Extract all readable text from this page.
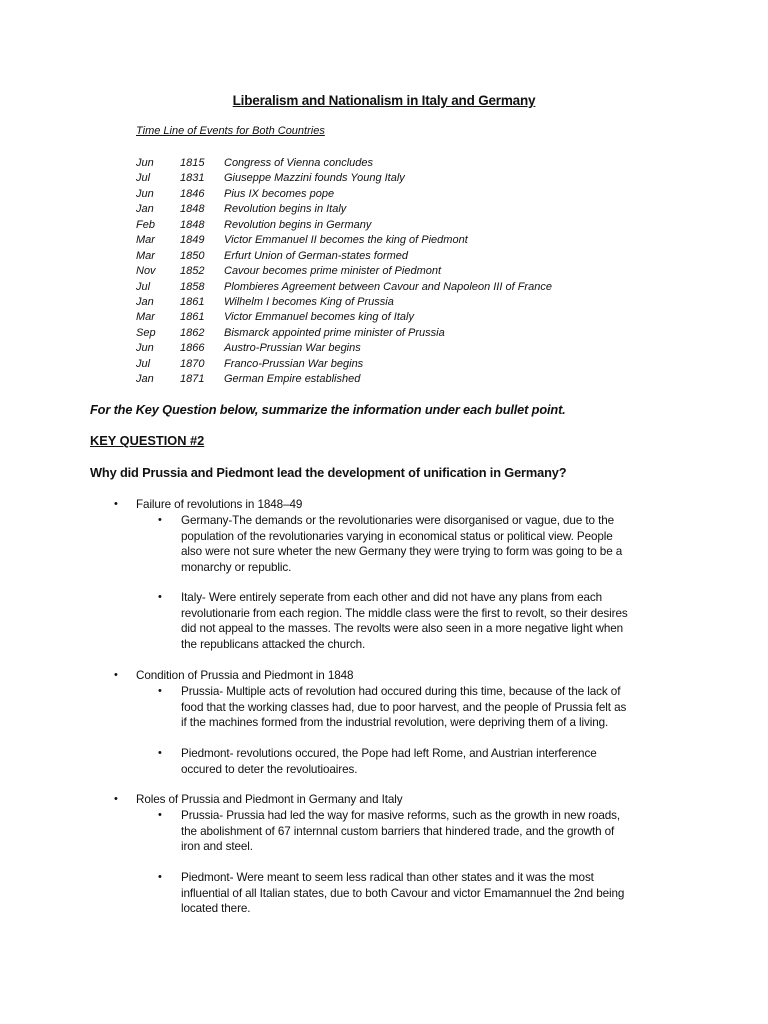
Liberalism and Nationalism in Italy and Germany
Time Line of Events for Both Countries
Jun	1815	Congress of Vienna concludes
Jul	1831	Giuseppe Mazzini founds Young Italy
Jun	1846	Pius IX becomes pope
Jan	1848	Revolution begins in Italy
Feb	1848	Revolution begins in Germany
Mar	1849	Victor Emmanuel II becomes the king of Piedmont
Mar	1850	Erfurt Union of German-states formed
Nov	1852	Cavour becomes prime minister of Piedmont
Jul	1858	Plombieres Agreement between Cavour and Napoleon III of France
Jan	1861	Wilhelm I becomes King of Prussia
Mar	1861	Victor Emmanuel becomes king of Italy
Sep	1862	Bismarck appointed prime minister of Prussia
Jun	1866	Austro-Prussian War begins
Jul	1870	Franco-Prussian War begins
Jan	1871	German Empire established
For the Key Question below, summarize the information under each bullet point.
KEY QUESTION #2
Why did Prussia and Piedmont lead the development of unification in Germany?
• Failure of revolutions in 1848–49
• Germany-The demands or the revolutionaries were disorganised or vague, due to the
population of the revolutionaries varying in economical status or political view. People
also were not sure wheter the new Germany they were trying to form was going to be a
monarchy or republic.
• Italy- Were entirely seperate from each other and did not have any plans from each
revolutionarie from each region. The middle class were the first to revolt, so their desires
did not appeal to the masses. The revolts were also seen in a more negative light when
the republicans attacked the church.
• Condition of Prussia and Piedmont in 1848
• Prussia- Multiple acts of revolution had occured during this time, because of the lack of
food that the working classes had, due to poor harvest, and the people of Prussia felt as
if the machines formed from the industrial revolution, were depriving them of a living.
• Piedmont- revolutions occured, the Pope had left Rome, and Austrian interference
occured to deter the revolutioaires.
• Roles of Prussia and Piedmont in Germany and Italy
• Prussia- Prussia had led the way for masive reforms, such as the growth in new roads,
the abolishment of 67 internnal custom barriers that hindered trade, and the growth of
iron and steel.
• Piedmont- Were meant to seem less radical than other states and it was the most
influential of all Italian states, due to both Cavour and victor Emamannuel the 2nd being
located there.
